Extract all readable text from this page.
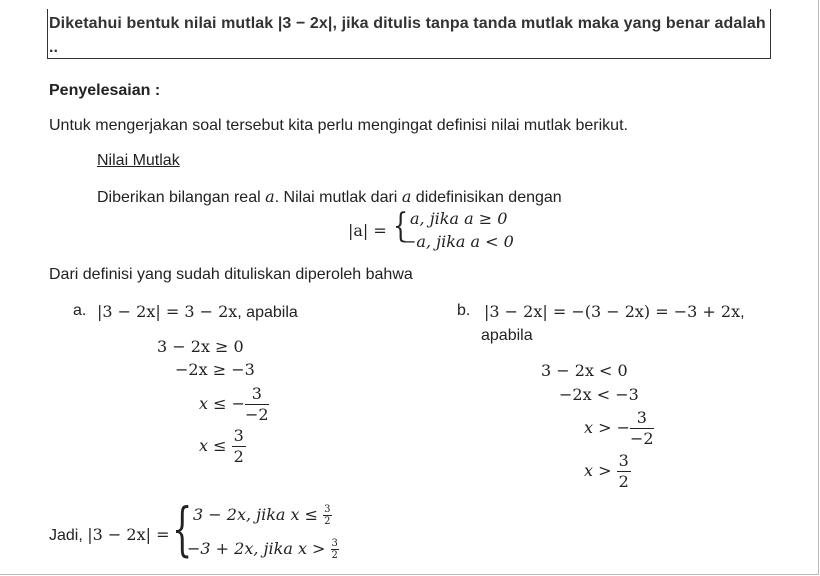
Diketahui bentuk nilai mutlak |3 − 2x|, jika ditulis tanpa tanda mutlak maka yang benar adalah ..
Penyelesaian :
Untuk mengerjakan soal tersebut kita perlu mengingat definisi nilai mutlak berikut.
Nilai Mutlak
Diberikan bilangan real a. Nilai mutlak dari a didefinisikan dengan
|a| = { a, jika a ≥ 0
−a, jika a < 0
Dari definisi yang sudah dituliskan diperoleh bahwa
a. |3 − 2x| = 3 − 2x, apabila
3 − 2x ≥ 0
−2x ≥ −3
x ≤ − $\frac{3}{-2}$
$x \le \frac{3}{2}$
b. |3 − 2x| = −(3 − 2x) = −3 + 2x,
apabila
3 − 2x < 0
−2x < −3
x > − $\frac{3}{-2}$
$x > \frac{3}{2}$
Jadi, |3 − 2x| = { 3 − 2x, jika $x \le \frac{3}{2}$
−3 + 2x, jika $x > \frac{3}{2}$
